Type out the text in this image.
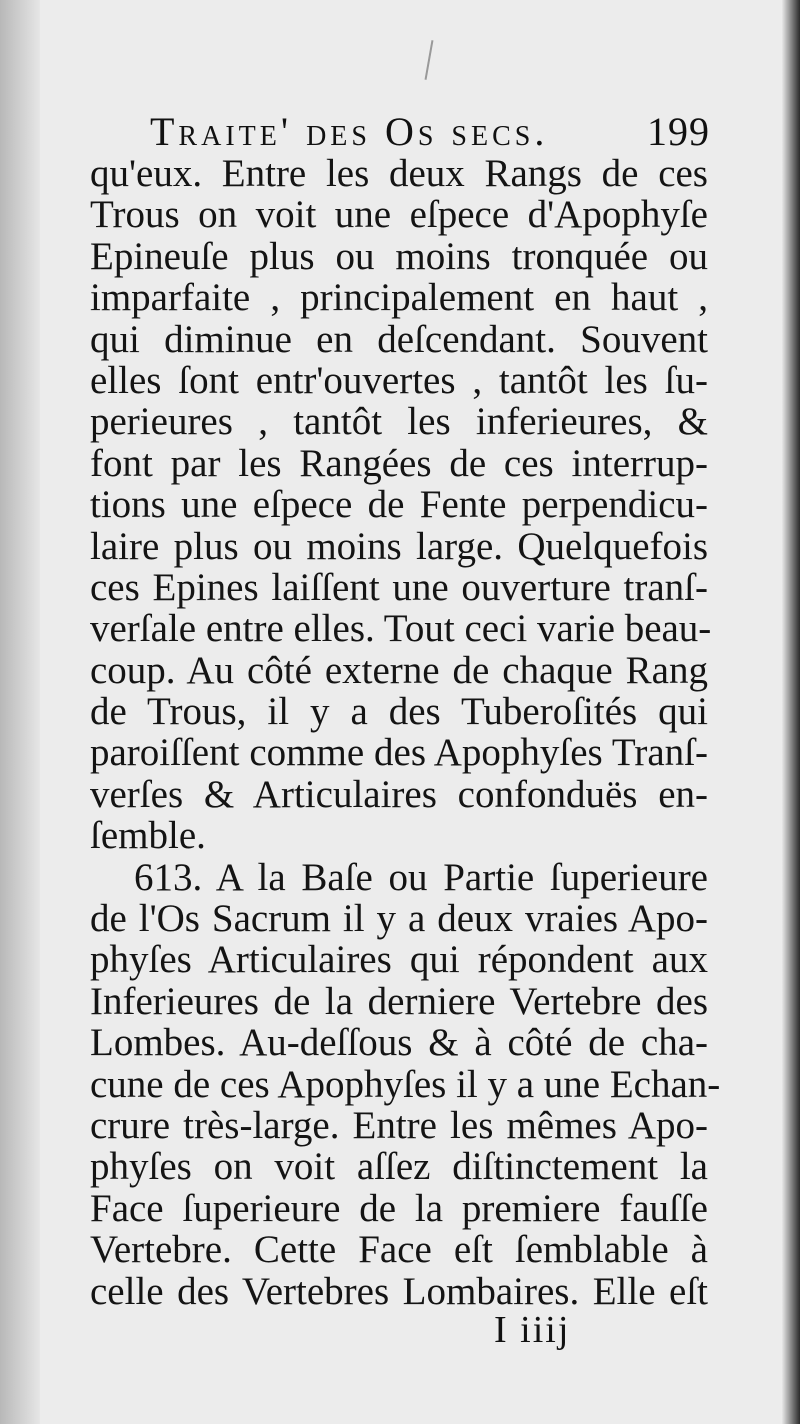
Traite' des Os secs. 199
qu'eux. Entre les deux Rangs de ces
Trous on voit une eſpece d'Apophyſe
Epineuſe plus ou moins tronquée ou
imparfaite , principalement en haut ,
qui diminue en deſcendant. Souvent
elles ſont entr'ouvertes , tantôt les ſu-
perieures , tantôt les inferieures, &
font par les Rangées de ces interrup-
tions une eſpece de Fente perpendicu-
laire plus ou moins large. Quelquefois
ces Epines laiſſent une ouverture tranſ-
verſale entre elles. Tout ceci varie beau-
coup. Au côté externe de chaque Rang
de Trous, il y a des Tuberoſités qui
paroiſſent comme des Apophyſes Tranſ-
verſes & Articulaires confonduës en-
ſemble.
613. A la Baſe ou Partie ſuperieure
de l'Os Sacrum il y a deux vraies Apo-
phyſes Articulaires qui répondent aux
Inferieures de la derniere Vertebre des
Lombes. Au-deſſous & à côté de cha-
cune de ces Apophyſes il y a une Echan-
crure très-large. Entre les mêmes Apo-
phyſes on voit aſſez diſtinctement la
Face ſuperieure de la premiere fauſſe
Vertebre. Cette Face eſt ſemblable à
celle des Vertebres Lombaires. Elle eſt
I iiij
